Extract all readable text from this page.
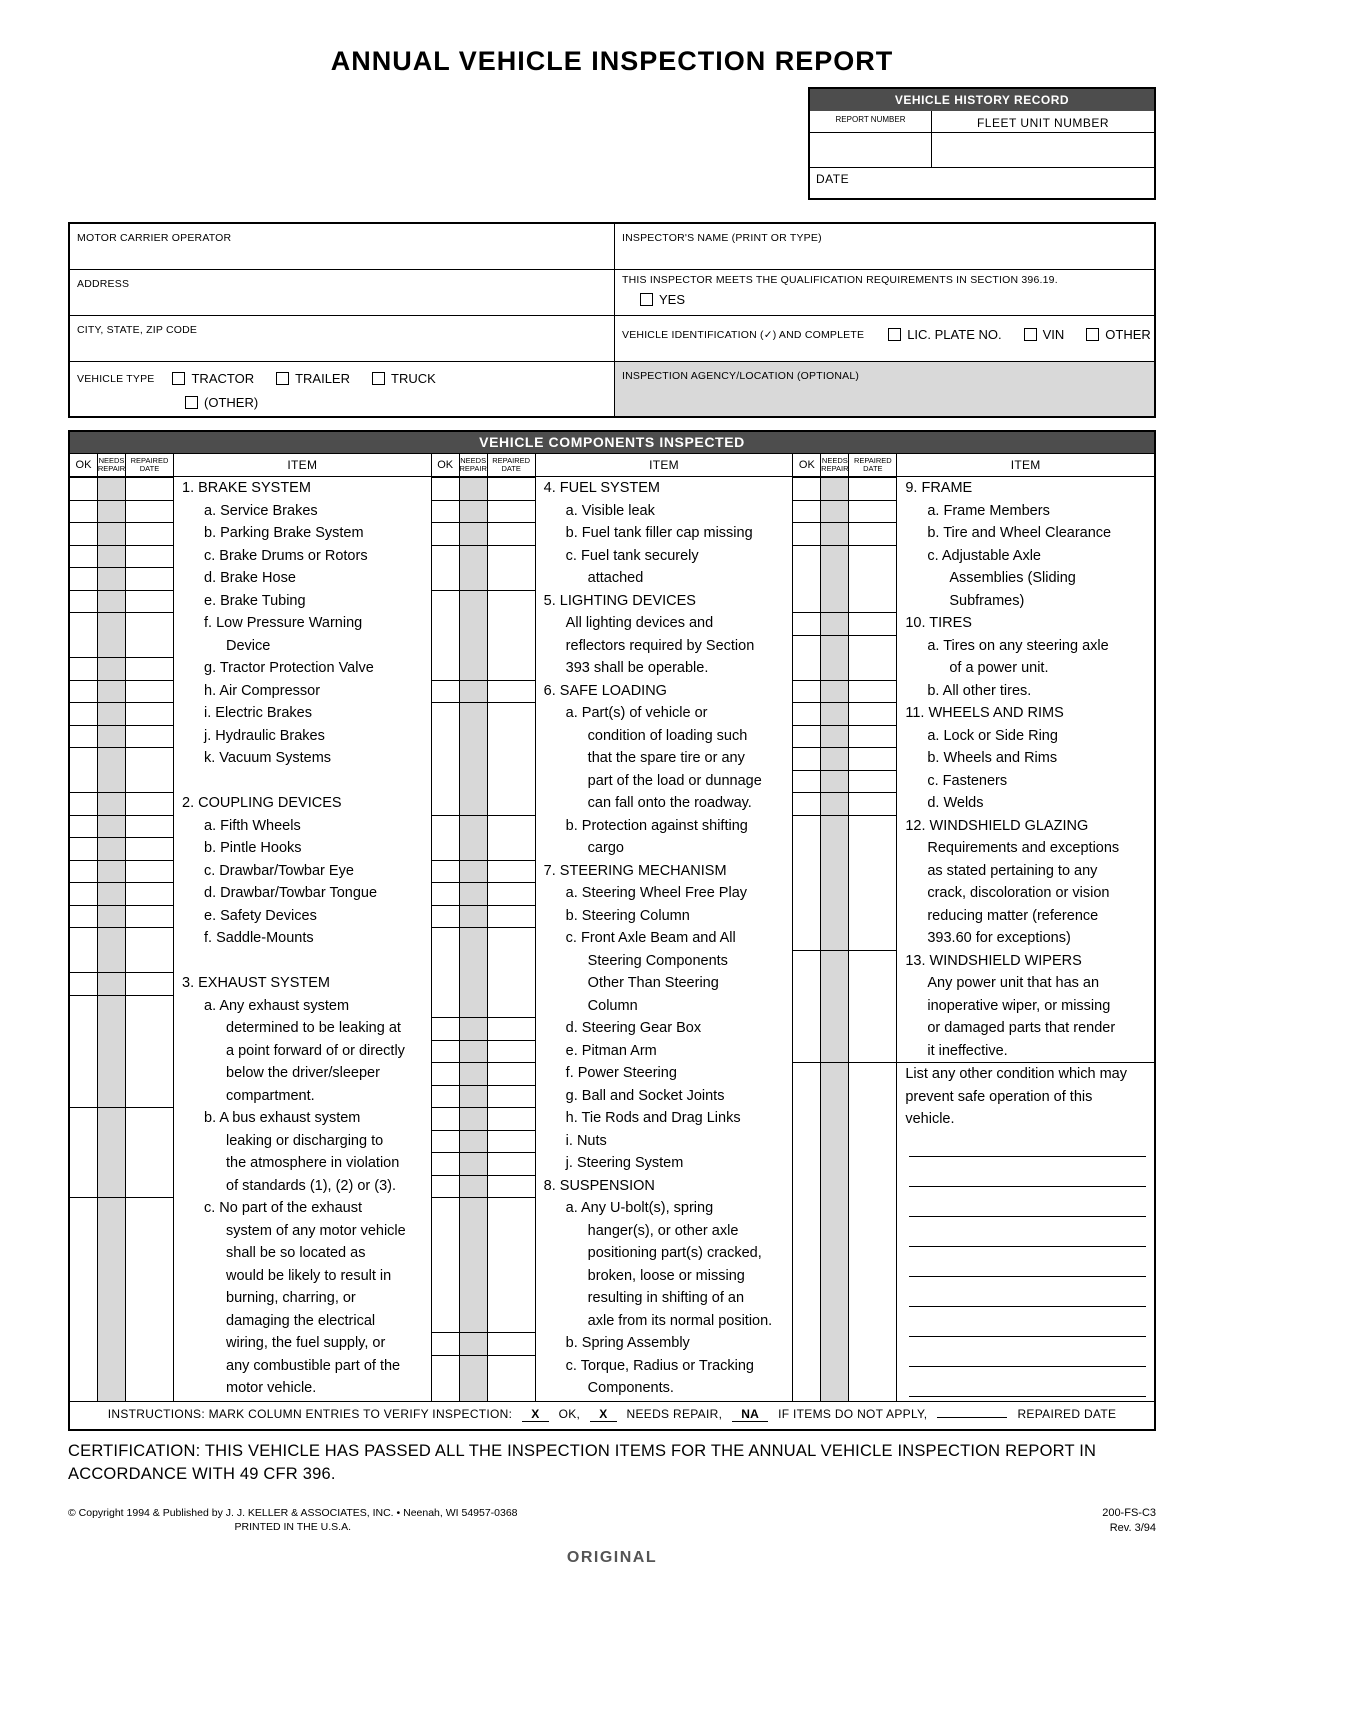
ANNUAL VEHICLE INSPECTION REPORT
VEHICLE HISTORY RECORD
REPORT NUMBER	FLEET UNIT NUMBER
DATE
MOTOR CARRIER OPERATOR	INSPECTOR'S NAME (PRINT OR TYPE)
ADDRESS	THIS INSPECTOR MEETS THE QUALIFICATION REQUIREMENTS IN SECTION 396.19.
YES
CITY, STATE, ZIP CODE	VEHICLE IDENTIFICATION (✓) AND COMPLETE	LIC. PLATE NO.	VIN	OTHER
VEHICLE TYPE	TRACTOR	TRAILER	TRUCK
(OTHER)
INSPECTION AGENCY/LOCATION (OPTIONAL)
VEHICLE COMPONENTS INSPECTED
OK NEEDS REPAIR
REPAIRED DATE	ITEM
1. BRAKE SYSTEM
a. Service Brakes
b. Parking Brake System
c. Brake Drums or Rotors
d. Brake Hose
e. Brake Tubing
f. Low Pressure Warning
Device
g. Tractor Protection Valve
h. Air Compressor
i. Electric Brakes
j. Hydraulic Brakes
k. Vacuum Systems
2. COUPLING DEVICES
a. Fifth Wheels
b. Pintle Hooks
c. Drawbar/Towbar Eye
d. Drawbar/Towbar Tongue
e. Safety Devices
f. Saddle-Mounts
3. EXHAUST SYSTEM
a. Any exhaust system
determined to be leaking at
a point forward of or directly
below the driver/sleeper
compartment.
b. A bus exhaust system
leaking or discharging to
the atmosphere in violation
of standards (1), (2) or (3).
c. No part of the exhaust
system of any motor vehicle
shall be so located as
would be likely to result in
burning, charring, or
damaging the electrical
wiring, the fuel supply, or
any combustible part of the
motor vehicle.
OK NEEDS REPAIR
REPAIRED DATE	ITEM
4. FUEL SYSTEM
a. Visible leak
b. Fuel tank filler cap missing
c. Fuel tank securely
attached
5. LIGHTING DEVICES
All lighting devices and
reflectors required by Section
393 shall be operable.
6. SAFE LOADING
a. Part(s) of vehicle or
condition of loading such
that the spare tire or any
part of the load or dunnage
can fall onto the roadway.
b. Protection against shifting
cargo
7. STEERING MECHANISM
a. Steering Wheel Free Play
b. Steering Column
c. Front Axle Beam and All
Steering Components
Other Than Steering
Column
d. Steering Gear Box
e. Pitman Arm
f. Power Steering
g. Ball and Socket Joints
h. Tie Rods and Drag Links
i. Nuts
j. Steering System
8. SUSPENSION
a. Any U-bolt(s), spring
hanger(s), or other axle
positioning part(s) cracked,
broken, loose or missing
resulting in shifting of an
axle from its normal position.
b. Spring Assembly
c. Torque, Radius or Tracking
Components.
OK NEEDS REPAIR
REPAIRED DATE	ITEM
9. FRAME
a. Frame Members
b. Tire and Wheel Clearance
c. Adjustable Axle
Assemblies (Sliding
Subframes)
10. TIRES
a. Tires on any steering axle
of a power unit.
b. All other tires.
11. WHEELS AND RIMS
a. Lock or Side Ring
b. Wheels and Rims
c. Fasteners
d. Welds
12. WINDSHIELD GLAZING
Requirements and exceptions
as stated pertaining to any
crack, discoloration or vision
reducing matter (reference
393.60 for exceptions)
13. WINDSHIELD WIPERS
Any power unit that has an
inoperative wiper, or missing
or damaged parts that render
it ineffective.
List any other condition which may
prevent safe operation of this
vehicle.
INSTRUCTIONS: MARK COLUMN ENTRIES TO VERIFY INSPECTION:	X	OK,	X	NEEDS REPAIR,	NA	IF ITEMS DO NOT APPLY,	REPAIRED DATE
CERTIFICATION: THIS VEHICLE HAS PASSED ALL THE INSPECTION ITEMS FOR THE ANNUAL VEHICLE INSPECTION REPORT IN ACCORDANCE WITH 49 CFR 396.
© Copyright 1994 & Published by J. J. KELLER & ASSOCIATES, INC. • Neenah, WI 54957-0368
PRINTED IN THE U.S.A.
200-FS-C3
Rev. 3/94
ORIGINAL
